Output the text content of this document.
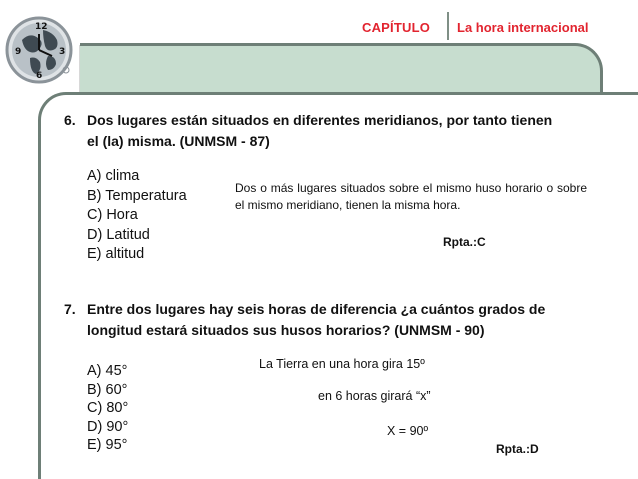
12
9	3
6
CAPÍTULO La hora internacional
6. Dos lugares están situados en diferentes meridianos, por tanto tienen
el (la) misma. (UNMSM - 87)
A) clima
B) Temperatura
C) Hora
D) Latitud
E) altitud
Dos o más lugares situados sobre el mismo huso horario o sobre el mismo meridiano, tienen la misma hora.
Rpta.:C
7. Entre dos lugares hay seis horas de diferencia ¿a cuántos grados de
longitud estará situados sus husos horarios? (UNMSM - 90)
A) 45°
B) 60°
C) 80°
D) 90°
E) 95°
La Tierra en una hora gira 15º
en 6 horas girará “x”
X = 90º
Rpta.:D
